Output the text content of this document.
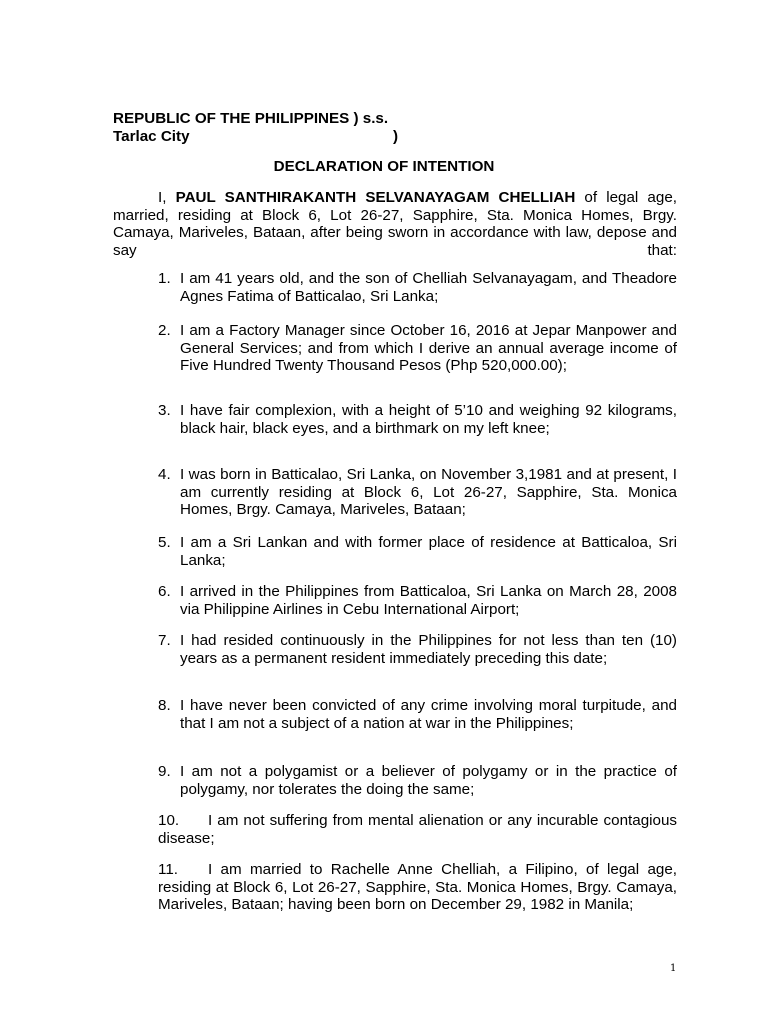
REPUBLIC OF THE PHILIPPINES ) s.s.
Tarlac City	)
DECLARATION OF INTENTION
I, PAUL SANTHIRAKANTH SELVANAYAGAM CHELLIAH of legal age, married, residing at Block 6, Lot 26-27, Sapphire, Sta. Monica Homes, Brgy. Camaya, Mariveles, Bataan, after being sworn in accordance with law, depose and say that:
1. I am 41 years old, and the son of Chelliah Selvanayagam, and Theadore Agnes Fatima of Batticalao, Sri Lanka;
2. I am a Factory Manager since October 16, 2016 at Jepar Manpower and General Services; and from which I derive an annual average income of Five Hundred Twenty Thousand Pesos (Php 520,000.00);
3. I have fair complexion, with a height of 5’10 and weighing 92 kilograms, black hair, black eyes, and a birthmark on my left knee;
4. I was born in Batticalao, Sri Lanka, on November 3,1981 and at present, I am currently residing at Block 6, Lot 26-27, Sapphire, Sta. Monica Homes, Brgy. Camaya, Mariveles, Bataan;
5. I am a Sri Lankan and with former place of residence at Batticaloa, Sri Lanka;
6. I arrived in the Philippines from Batticaloa, Sri Lanka on March 28, 2008 via Philippine Airlines in Cebu International Airport;
7. I had resided continuously in the Philippines for not less than ten (10) years as a permanent resident immediately preceding this date;
8. I have never been convicted of any crime involving moral turpitude, and that I am not a subject of a nation at war in the Philippines;
9. I am not a polygamist or a believer of polygamy or in the practice of polygamy, nor tolerates the doing the same;
10.	I am not suffering from mental alienation or any incurable contagious disease;
11.	I am married to Rachelle Anne Chelliah, a Filipino, of legal age, residing at Block 6, Lot 26-27, Sapphire, Sta. Monica Homes, Brgy. Camaya, Mariveles, Bataan; having been born on December 29, 1982 in Manila;
1
